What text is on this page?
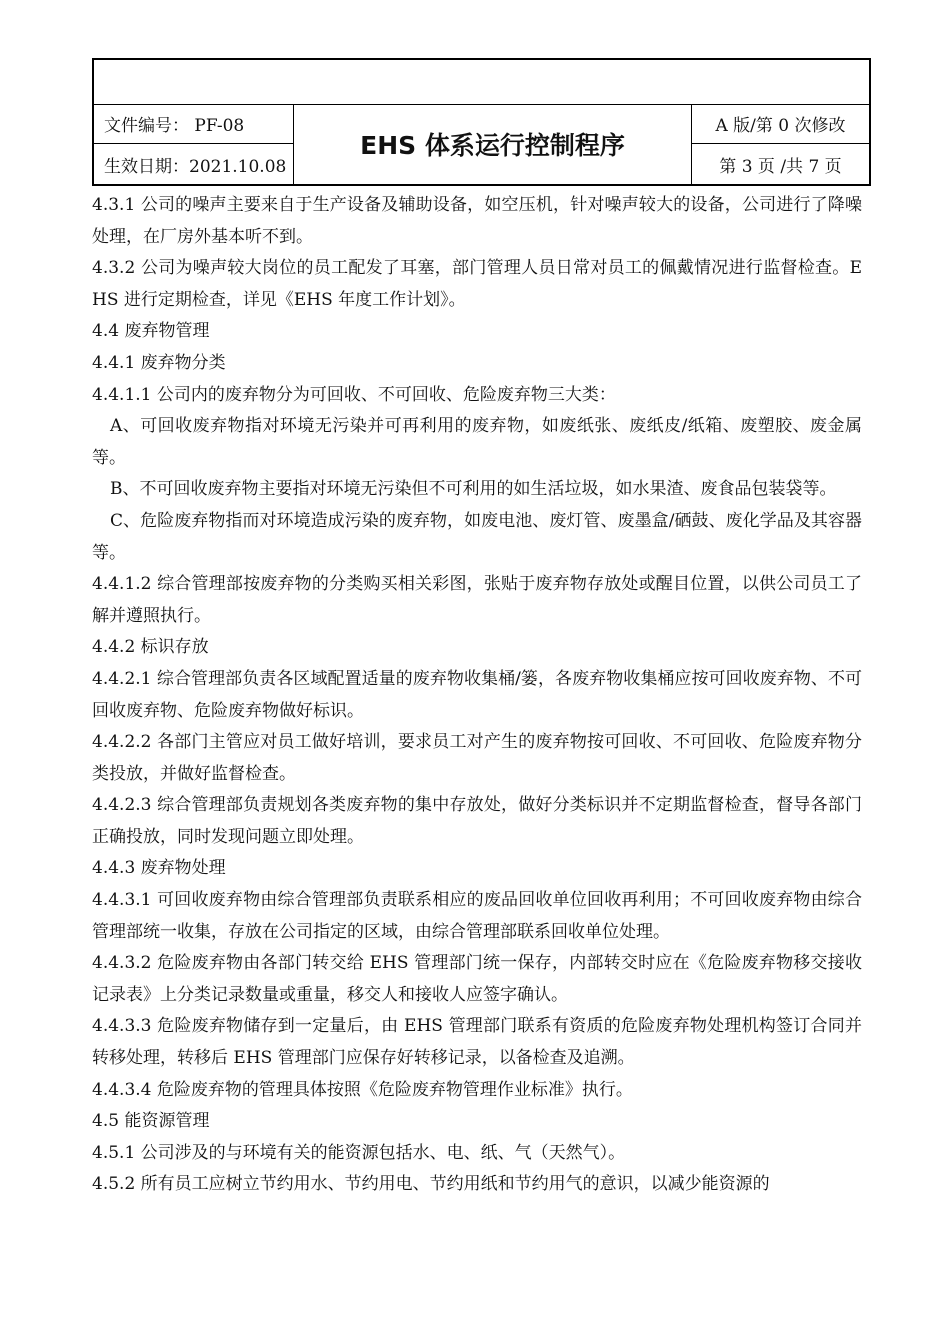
文件编号： PF-08
生效日期：2021.10.08
EHS 体系运行控制程序
A 版/第 0 次修改
第 3 页 /共 7 页

4.3.1 公司的噪声主要来自于生产设备及辅助设备，如空压机，针对噪声较大的设备，公司进行了降噪处理，在厂房外基本听不到。

4.3.2 公司为噪声较大岗位的员工配发了耳塞，部门管理人员日常对员工的佩戴情况进行监督检查。EHS 进行定期检查，详见《EHS 年度工作计划》。

4.4 废弃物管理

4.4.1 废弃物分类

4.4.1.1 公司内的废弃物分为可回收、不可回收、危险废弃物三大类：

A、可回收废弃物指对环境无污染并可再利用的废弃物，如废纸张、废纸皮/纸箱、废塑胶、废金属等。

B、不可回收废弃物主要指对环境无污染但不可利用的如生活垃圾，如水果渣、废食品包装袋等。

C、危险废弃物指而对环境造成污染的废弃物，如废电池、废灯管、废墨盒/硒鼓、废化学品及其容器等。

4.4.1.2 综合管理部按废弃物的分类购买相关彩图，张贴于废弃物存放处或醒目位置，以供公司员工了解并遵照执行。

4.4.2 标识存放

4.4.2.1 综合管理部负责各区域配置适量的废弃物收集桶/篓，各废弃物收集桶应按可回收废弃物、不可回收废弃物、危险废弃物做好标识。

4.4.2.2 各部门主管应对员工做好培训，要求员工对产生的废弃物按可回收、不可回收、危险废弃物分类投放，并做好监督检查。

4.4.2.3 综合管理部负责规划各类废弃物的集中存放处，做好分类标识并不定期监督检查，督导各部门正确投放，同时发现问题立即处理。

4.4.3 废弃物处理

4.4.3.1 可回收废弃物由综合管理部负责联系相应的废品回收单位回收再利用；不可回收废弃物由综合管理部统一收集，存放在公司指定的区域，由综合管理部联系回收单位处理。

4.4.3.2 危险废弃物由各部门转交给 EHS 管理部门统一保存，内部转交时应在《危险废弃物移交接收记录表》上分类记录数量或重量，移交人和接收人应签字确认。

4.4.3.3 危险废弃物储存到一定量后，由 EHS 管理部门联系有资质的危险废弃物处理机构签订合同并转移处理，转移后 EHS 管理部门应保存好转移记录，以备检查及追溯。

4.4.3.4 危险废弃物的管理具体按照《危险废弃物管理作业标准》执行。

4.5 能资源管理

4.5.1 公司涉及的与环境有关的能资源包括水、电、纸、气（天然气）。

4.5.2 所有员工应树立节约用水、节约用电、节约用纸和节约用气的意识，以减少能资源的
